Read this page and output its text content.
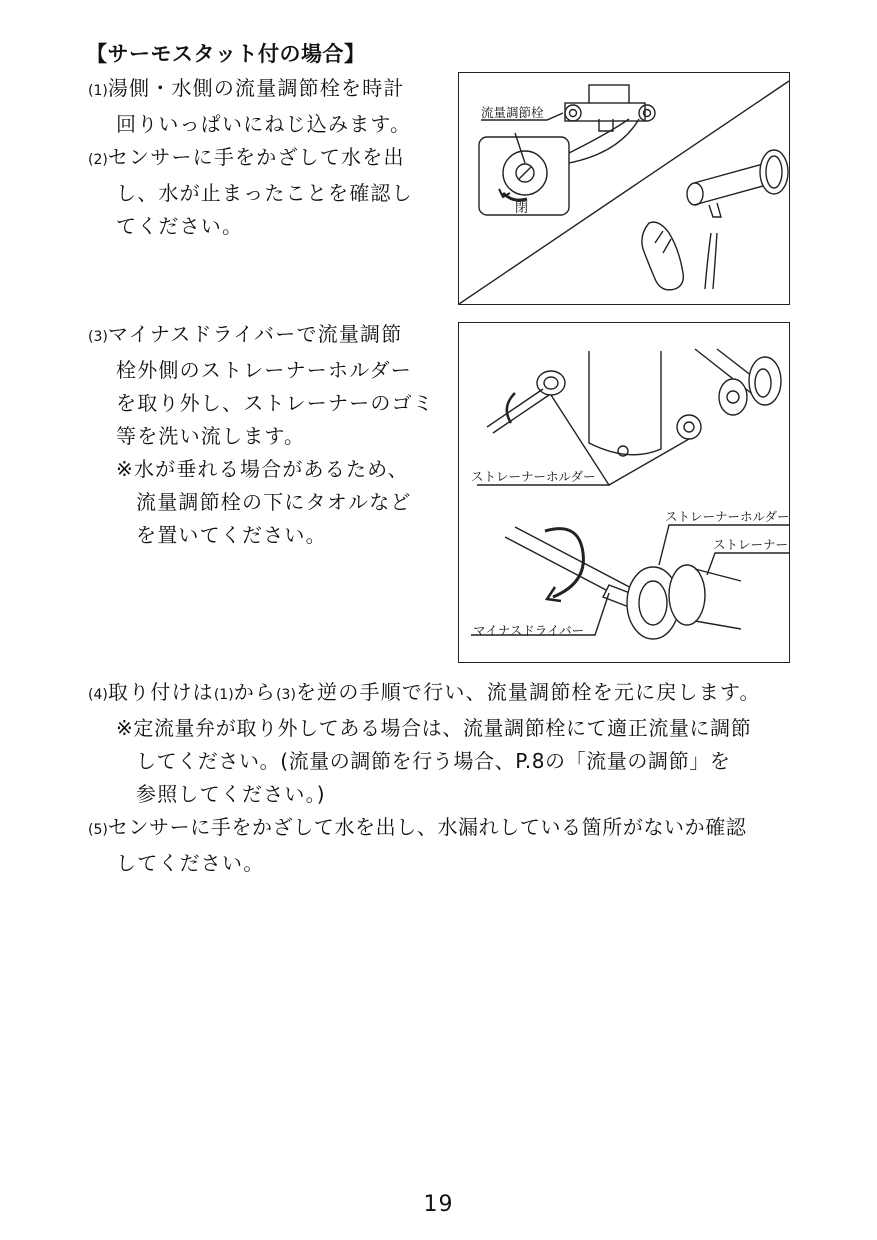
【サーモスタット付の場合】
(1)湯側・水側の流量調節栓を時計
回りいっぱいにねじ込みます。
(2)センサーに手をかざして水を出
し、水が止まったことを確認し
てください。
(3)マイナスドライバーで流量調節
栓外側のストレーナーホルダー
を取り外し、ストレーナーのゴミ
等を洗い流します。
※水が垂れる場合があるため、
流量調節栓の下にタオルなど
を置いてください。
(4)取り付けは(1)から(3)を逆の手順で行い、流量調節栓を元に戻します。
※定流量弁が取り外してある場合は、流量調節栓にて適正流量に調節
してください。(流量の調節を行う場合、P.8の「流量の調節」を
参照してください。)
(5)センサーに手をかざして水を出し、水漏れしている箇所がないか確認
してください。
流量調節栓
閉
ストレーナーホルダー
ストレーナーホルダー
ストレーナー
マイナスドライバー
19
